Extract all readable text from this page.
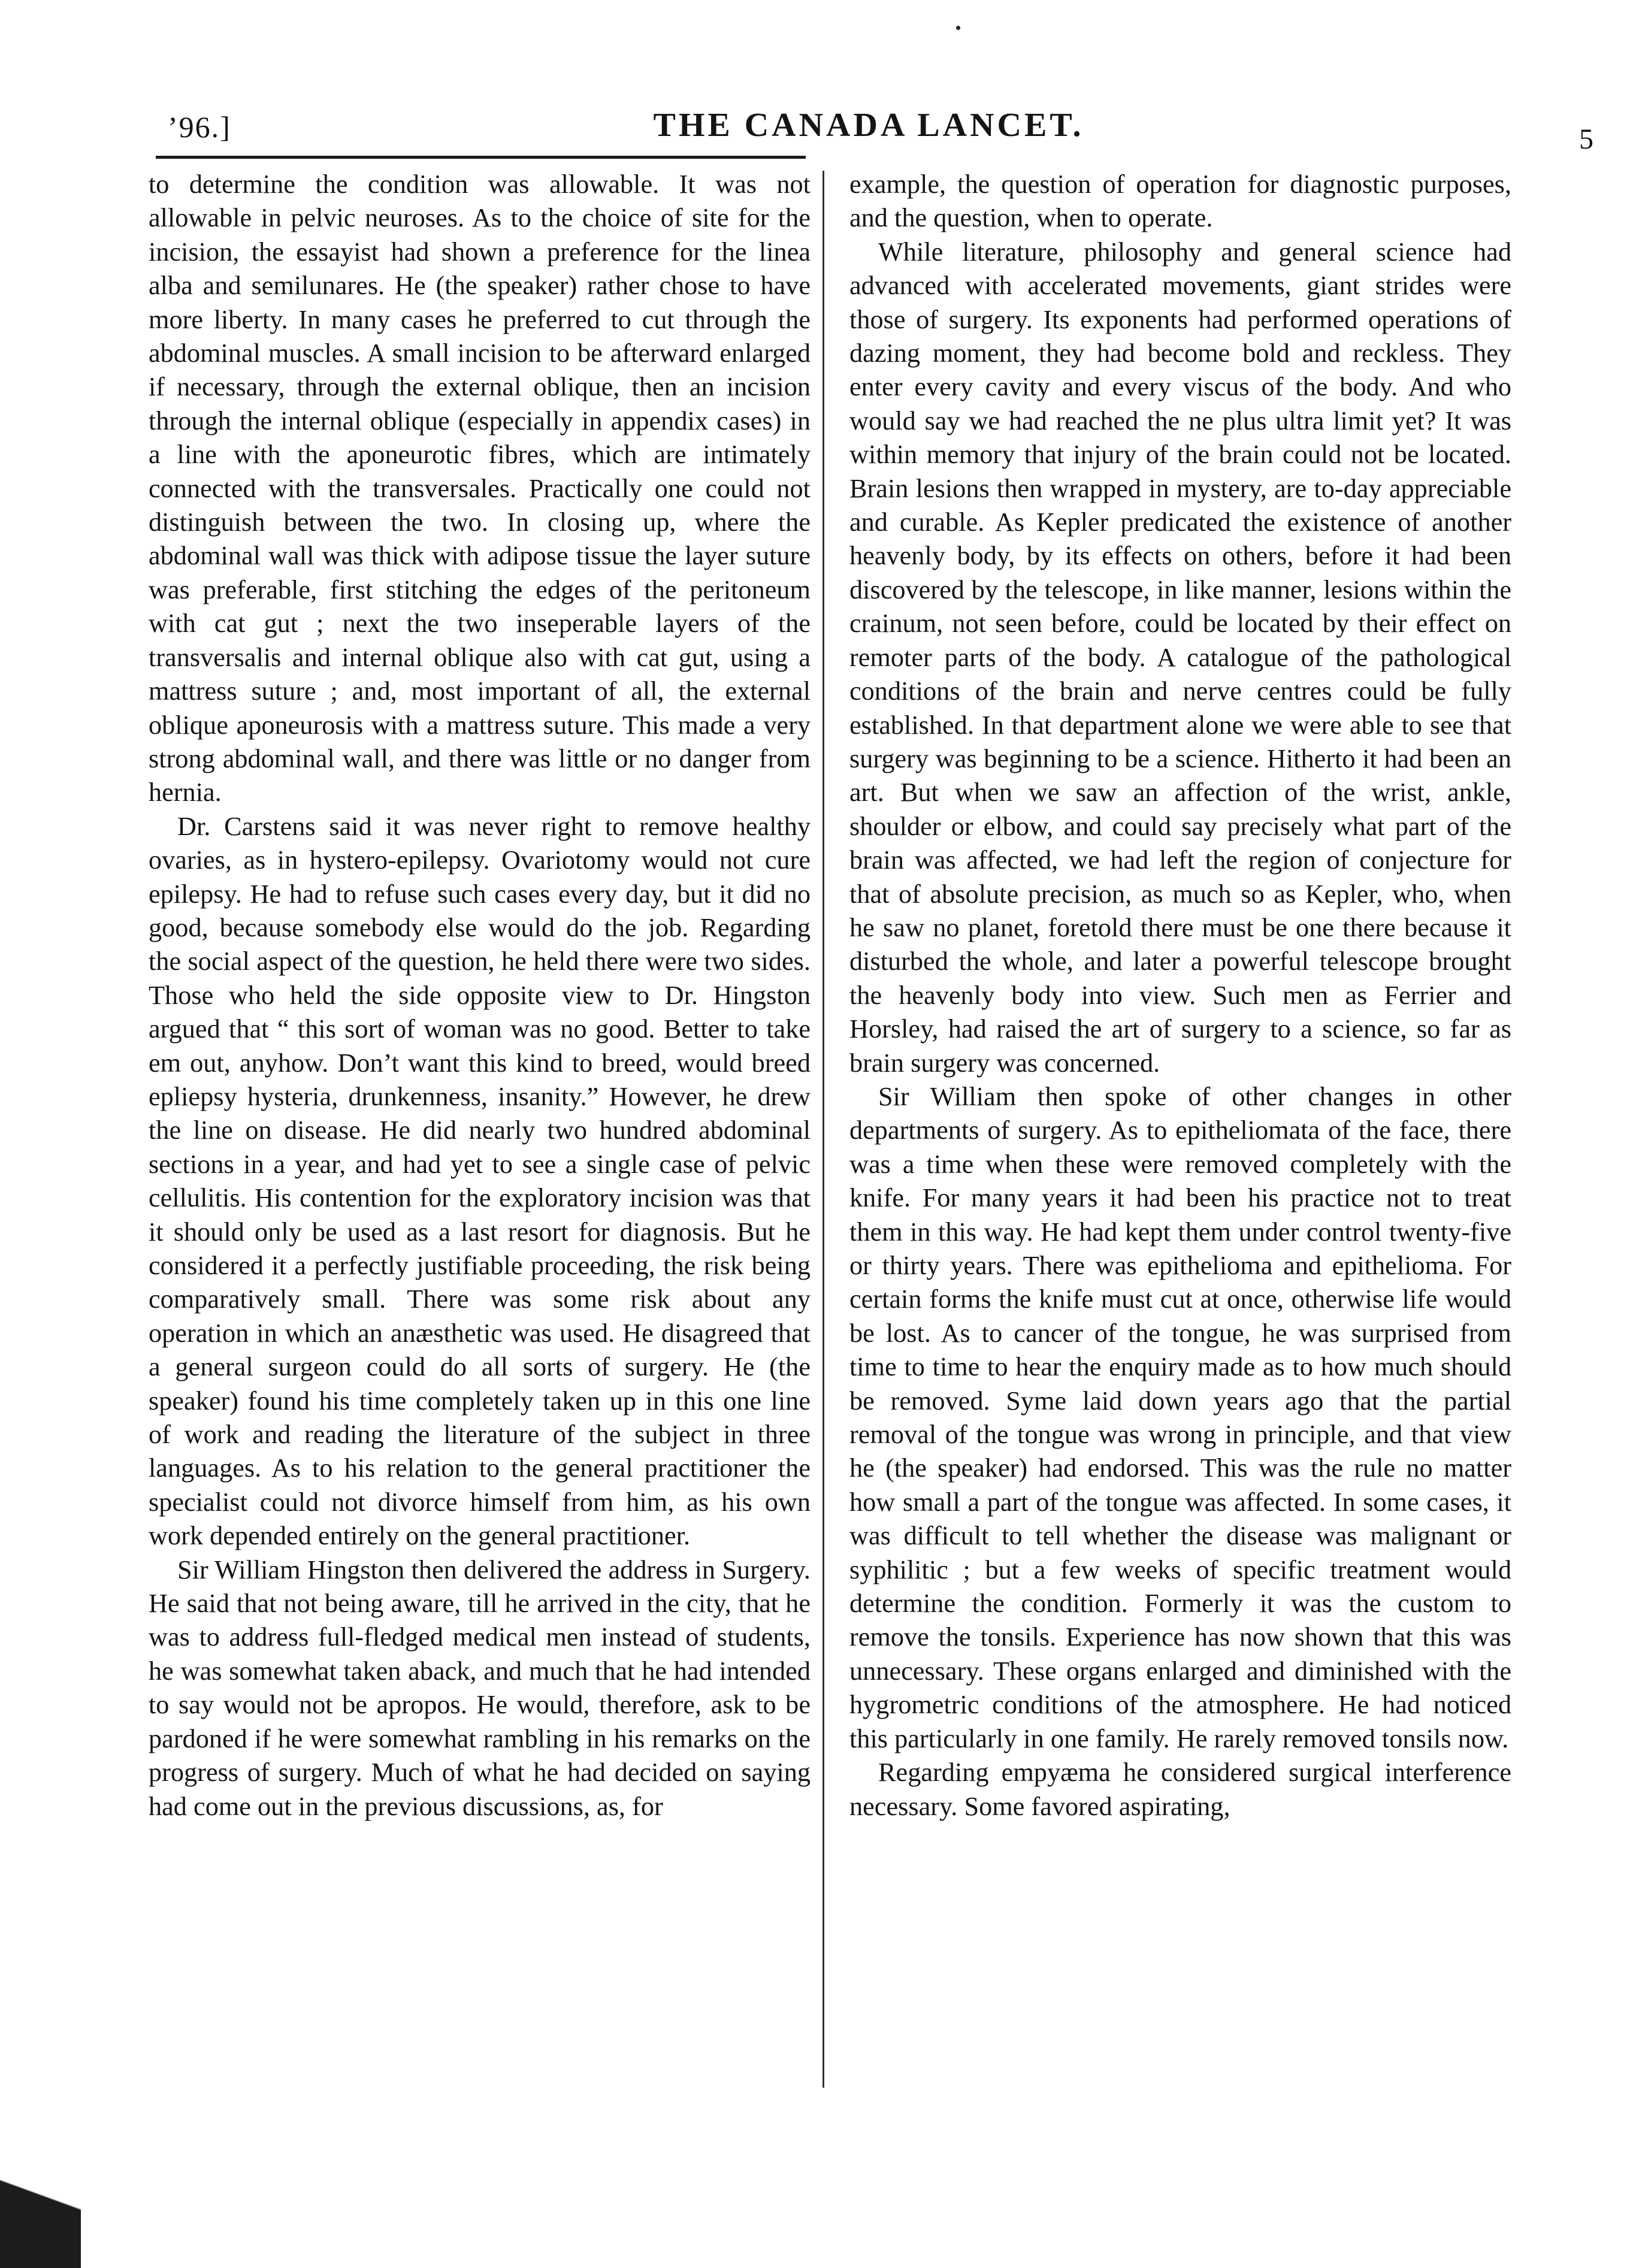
’96.]	THE CANADA LANCET.	5

to determine the condition was allowable. It was not allowable in pelvic neuroses. As to the choice of site for the incision, the essayist had shown a preference for the linea alba and semilunares. He (the speaker) rather chose to have more liberty. In many cases he preferred to cut through the abdominal muscles. A small incision to be afterward enlarged if necessary, through the external oblique, then an incision through the internal oblique (especially in appendix cases) in a line with the aponeurotic fibres, which are intimately connected with the transversales. Practically one could not distinguish between the two. In closing up, where the abdominal wall was thick with adipose tissue the layer suture was preferable, first stitching the edges of the peritoneum with cat gut ; next the two inseperable layers of the transversalis and internal oblique also with cat gut, using a mattress suture ; and, most important of all, the external oblique aponeurosis with a mattress suture. This made a very strong abdominal wall, and there was little or no danger from hernia.

Dr. Carstens said it was never right to remove healthy ovaries, as in hystero-epilepsy. Ovariotomy would not cure epilepsy. He had to refuse such cases every day, but it did no good, because somebody else would do the job. Regarding the social aspect of the question, he held there were two sides. Those who held the side opposite view to Dr. Hingston argued that “ this sort of woman was no good. Better to take em out, anyhow. Don’t want this kind to breed, would breed epliepsy hysteria, drunkenness, insanity.” However, he drew the line on disease. He did nearly two hundred abdominal sections in a year, and had yet to see a single case of pelvic cellulitis. His contention for the exploratory incision was that it should only be used as a last resort for diagnosis. But he considered it a perfectly justifiable proceeding, the risk being comparatively small. There was some risk about any operation in which an anæsthetic was used. He disagreed that a general surgeon could do all sorts of surgery. He (the speaker) found his time completely taken up in this one line of work and reading the literature of the subject in three languages. As to his relation to the general practitioner the specialist could not divorce himself from him, as his own work depended entirely on the general practitioner.

Sir William Hingston then delivered the address in Surgery. He said that not being aware, till he arrived in the city, that he was to address full-fledged medical men instead of students, he was somewhat taken aback, and much that he had intended to say would not be apropos. He would, therefore, ask to be pardoned if he were somewhat rambling in his remarks on the progress of surgery. Much of what he had decided on saying had come out in the previous discussions, as, for

example, the question of operation for diagnostic purposes, and the question, when to operate.

While literature, philosophy and general science had advanced with accelerated movements, giant strides were those of surgery. Its exponents had performed operations of dazing moment, they had become bold and reckless. They enter every cavity and every viscus of the body. And who would say we had reached the ne plus ultra limit yet? It was within memory that injury of the brain could not be located. Brain lesions then wrapped in mystery, are to-day appreciable and curable. As Kepler predicated the existence of another heavenly body, by its effects on others, before it had been discovered by the telescope, in like manner, lesions within the crainum, not seen before, could be located by their effect on remoter parts of the body. A catalogue of the pathological conditions of the brain and nerve centres could be fully established. In that department alone we were able to see that surgery was beginning to be a science. Hitherto it had been an art. But when we saw an affection of the wrist, ankle, shoulder or elbow, and could say precisely what part of the brain was affected, we had left the region of conjecture for that of absolute precision, as much so as Kepler, who, when he saw no planet, foretold there must be one there because it disturbed the whole, and later a powerful telescope brought the heavenly body into view. Such men as Ferrier and Horsley, had raised the art of surgery to a science, so far as brain surgery was concerned.

Sir William then spoke of other changes in other departments of surgery. As to epitheliomata of the face, there was a time when these were removed completely with the knife. For many years it had been his practice not to treat them in this way. He had kept them under control twenty-five or thirty years. There was epithelioma and epithelioma. For certain forms the knife must cut at once, otherwise life would be lost. As to cancer of the tongue, he was surprised from time to time to hear the enquiry made as to how much should be removed. Syme laid down years ago that the partial removal of the tongue was wrong in principle, and that view he (the speaker) had endorsed. This was the rule no matter how small a part of the tongue was affected. In some cases, it was difficult to tell whether the disease was malignant or syphilitic ; but a few weeks of specific treatment would determine the condition. Formerly it was the custom to remove the tonsils. Experience has now shown that this was unnecessary. These organs enlarged and diminished with the hygrometric conditions of the atmosphere. He had noticed this particularly in one family. He rarely removed tonsils now.

Regarding empyæma he considered surgical interference necessary. Some favored aspirating,
